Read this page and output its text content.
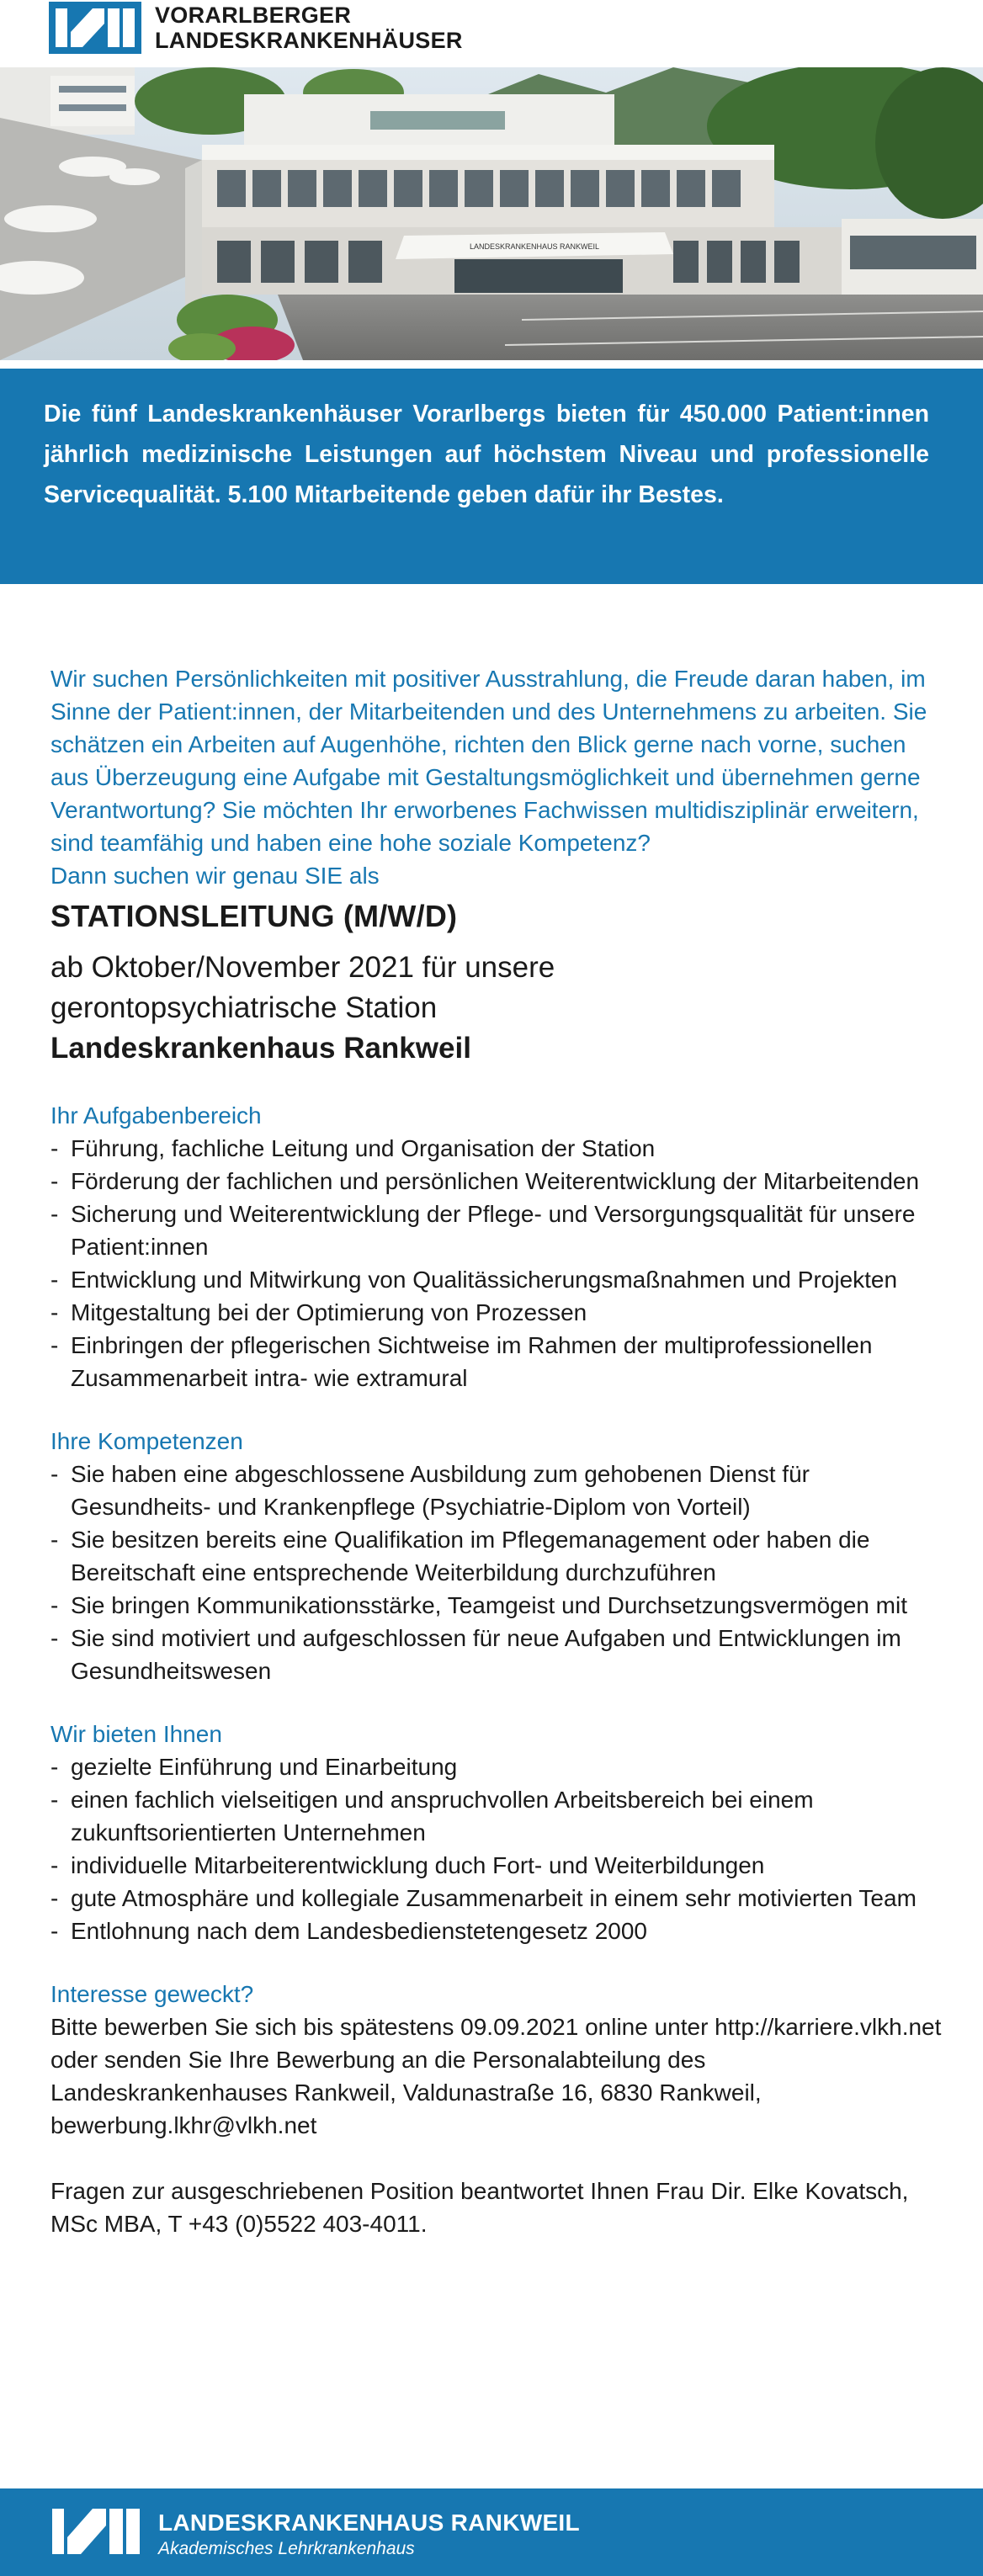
VORARLBERGER
LANDESKRANKENHÄUSER
LANDESKRANKENHAUS RANKWEIL

Die fünf Landeskrankenhäuser Vorarlbergs bieten für 450.000 Patient:innen jährlich medizinische Leistungen auf höchstem Niveau und professionelle Servicequalität. 5.100 Mitarbeitende geben dafür ihr Bestes.

Wir suchen Persönlichkeiten mit positiver Ausstrahlung, die Freude daran haben, im Sinne der Patient:innen, der Mitarbeitenden und des Unternehmens zu arbeiten. Sie schätzen ein Arbeiten auf Augenhöhe, richten den Blick gerne nach vorne, suchen aus Überzeugung eine Aufgabe mit Gestaltungsmöglichkeit und übernehmen gerne Verantwortung? Sie möchten Ihr erworbenes Fachwissen multidisziplinär erweitern, sind teamfähig und haben eine hohe soziale Kompetenz?

Dann suchen wir genau SIE als

STATIONSLEITUNG (M/W/D)
ab Oktober/November 2021 für unsere
gerontopsychiatrische Station
Landeskrankenhaus Rankweil
Ihr Aufgabenbereich
- Führung, fachliche Leitung und Organisation der Station
- Förderung der fachlichen und persönlichen Weiterentwicklung der Mitarbeitenden
- Sicherung und Weiterentwicklung der Pflege- und Versorgungsqualität für unsere Patient:innen
- Entwicklung und Mitwirkung von Qualitässicherungsmaßnahmen und Projekten
- Mitgestaltung bei der Optimierung von Prozessen
- Einbringen der pflegerischen Sichtweise im Rahmen der multiprofessionellen Zusammenarbeit intra- wie extramural
Ihre Kompetenzen
- Sie haben eine abgeschlossene Ausbildung zum gehobenen Dienst für Gesundheits- und Krankenpflege (Psychiatrie-Diplom von Vorteil)
- Sie besitzen bereits eine Qualifikation im Pflegemanagement oder haben die Bereitschaft eine entsprechende Weiterbildung durchzuführen
- Sie bringen Kommunikationsstärke, Teamgeist und Durchsetzungsvermögen mit
- Sie sind motiviert und aufgeschlossen für neue Aufgaben und Entwicklungen im Gesundheitswesen
Wir bieten Ihnen
- gezielte Einführung und Einarbeitung
- einen fachlich vielseitigen und anspruchvollen Arbeitsbereich bei einem zukunftsorientierten Unternehmen
- individuelle Mitarbeiterentwicklung duch Fort- und Weiterbildungen
- gute Atmosphäre und kollegiale Zusammenarbeit in einem sehr motivierten Team
- Entlohnung nach dem Landesbedienstetengesetz 2000
Interesse geweckt?

Bitte bewerben Sie sich bis spätestens 09.09.2021 online unter http://karriere.vlkh.net oder senden Sie Ihre Bewerbung an die Personalabteilung des Landeskrankenhauses Rankweil, Valdunastraße 16, 6830 Rankweil, bewerbung.lkhr@vlkh.net

Fragen zur ausgeschriebenen Position beantwortet Ihnen Frau Dir. Elke Kovatsch, MSc MBA, T +43 (0)5522 403-4011.

LANDESKRANKENHAUS RANKWEIL
Akademisches Lehrkrankenhaus
